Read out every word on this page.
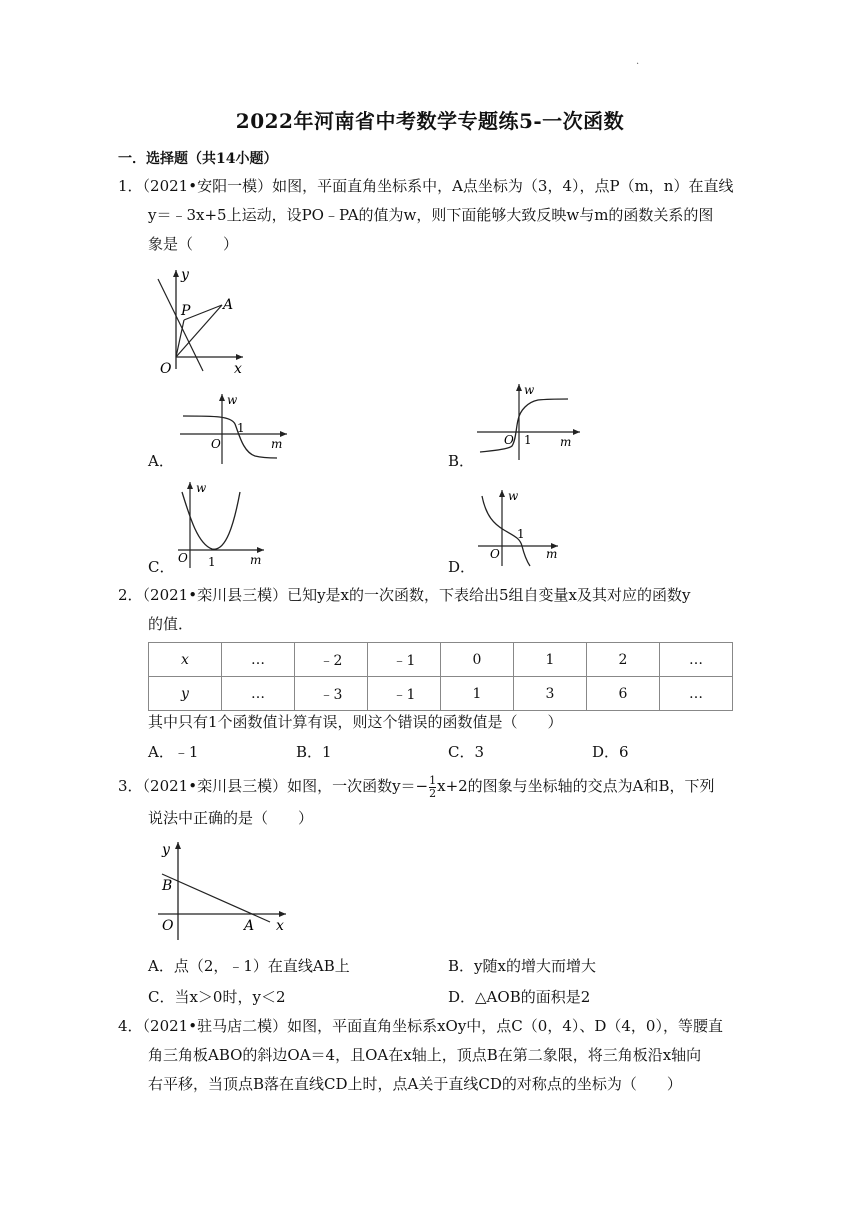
.
2022年河南省中考数学专题练5-一次函数
一．选择题（共14小题）
1．（2021•安阳一模）如图，平面直角坐标系中，A点坐标为（3，4），点P（m，n）在直线
y＝﹣3x+5上运动，设PO﹣PA的值为w，则下面能够大致反映w与m的函数关系的图
象是（　　）
y
P A
O	x
A．
w
1
O	m
B．
w
O 1 m
C．
w
O 1	m	D．
w
1
O	m
2．（2021•栾川县三模）已知y是x的一次函数，下表给出5组自变量x及其对应的函数y
的值．
x	…	﹣2	﹣1	0	1	2	…
y	…	﹣3	﹣1	1	3	6	…
其中只有1个函数值计算有误，则这个错误的函数值是（　　）
A．﹣1	B．1	C．3	D．6
3．（2021•栾川县三模）如图，一次函数$y=- \frac{1}{2} x+2$的图象与坐标轴的交点为A和B，下列
说法中正确的是（　　）
y
B
O	A x
A．点（2，﹣1）在直线AB上	B．y随x的增大而增大
C．当x＞0时，y＜2	D．△AOB的面积是2
4．（2021•驻马店二模）如图，平面直角坐标系xOy中，点C（0，4）、D（4，0），等腰直
角三角板ABO的斜边OA＝4，且OA在x轴上，顶点B在第二象限，将三角板沿x轴向
右平移，当顶点B落在直线CD上时，点A关于直线CD的对称点的坐标为（　　）
